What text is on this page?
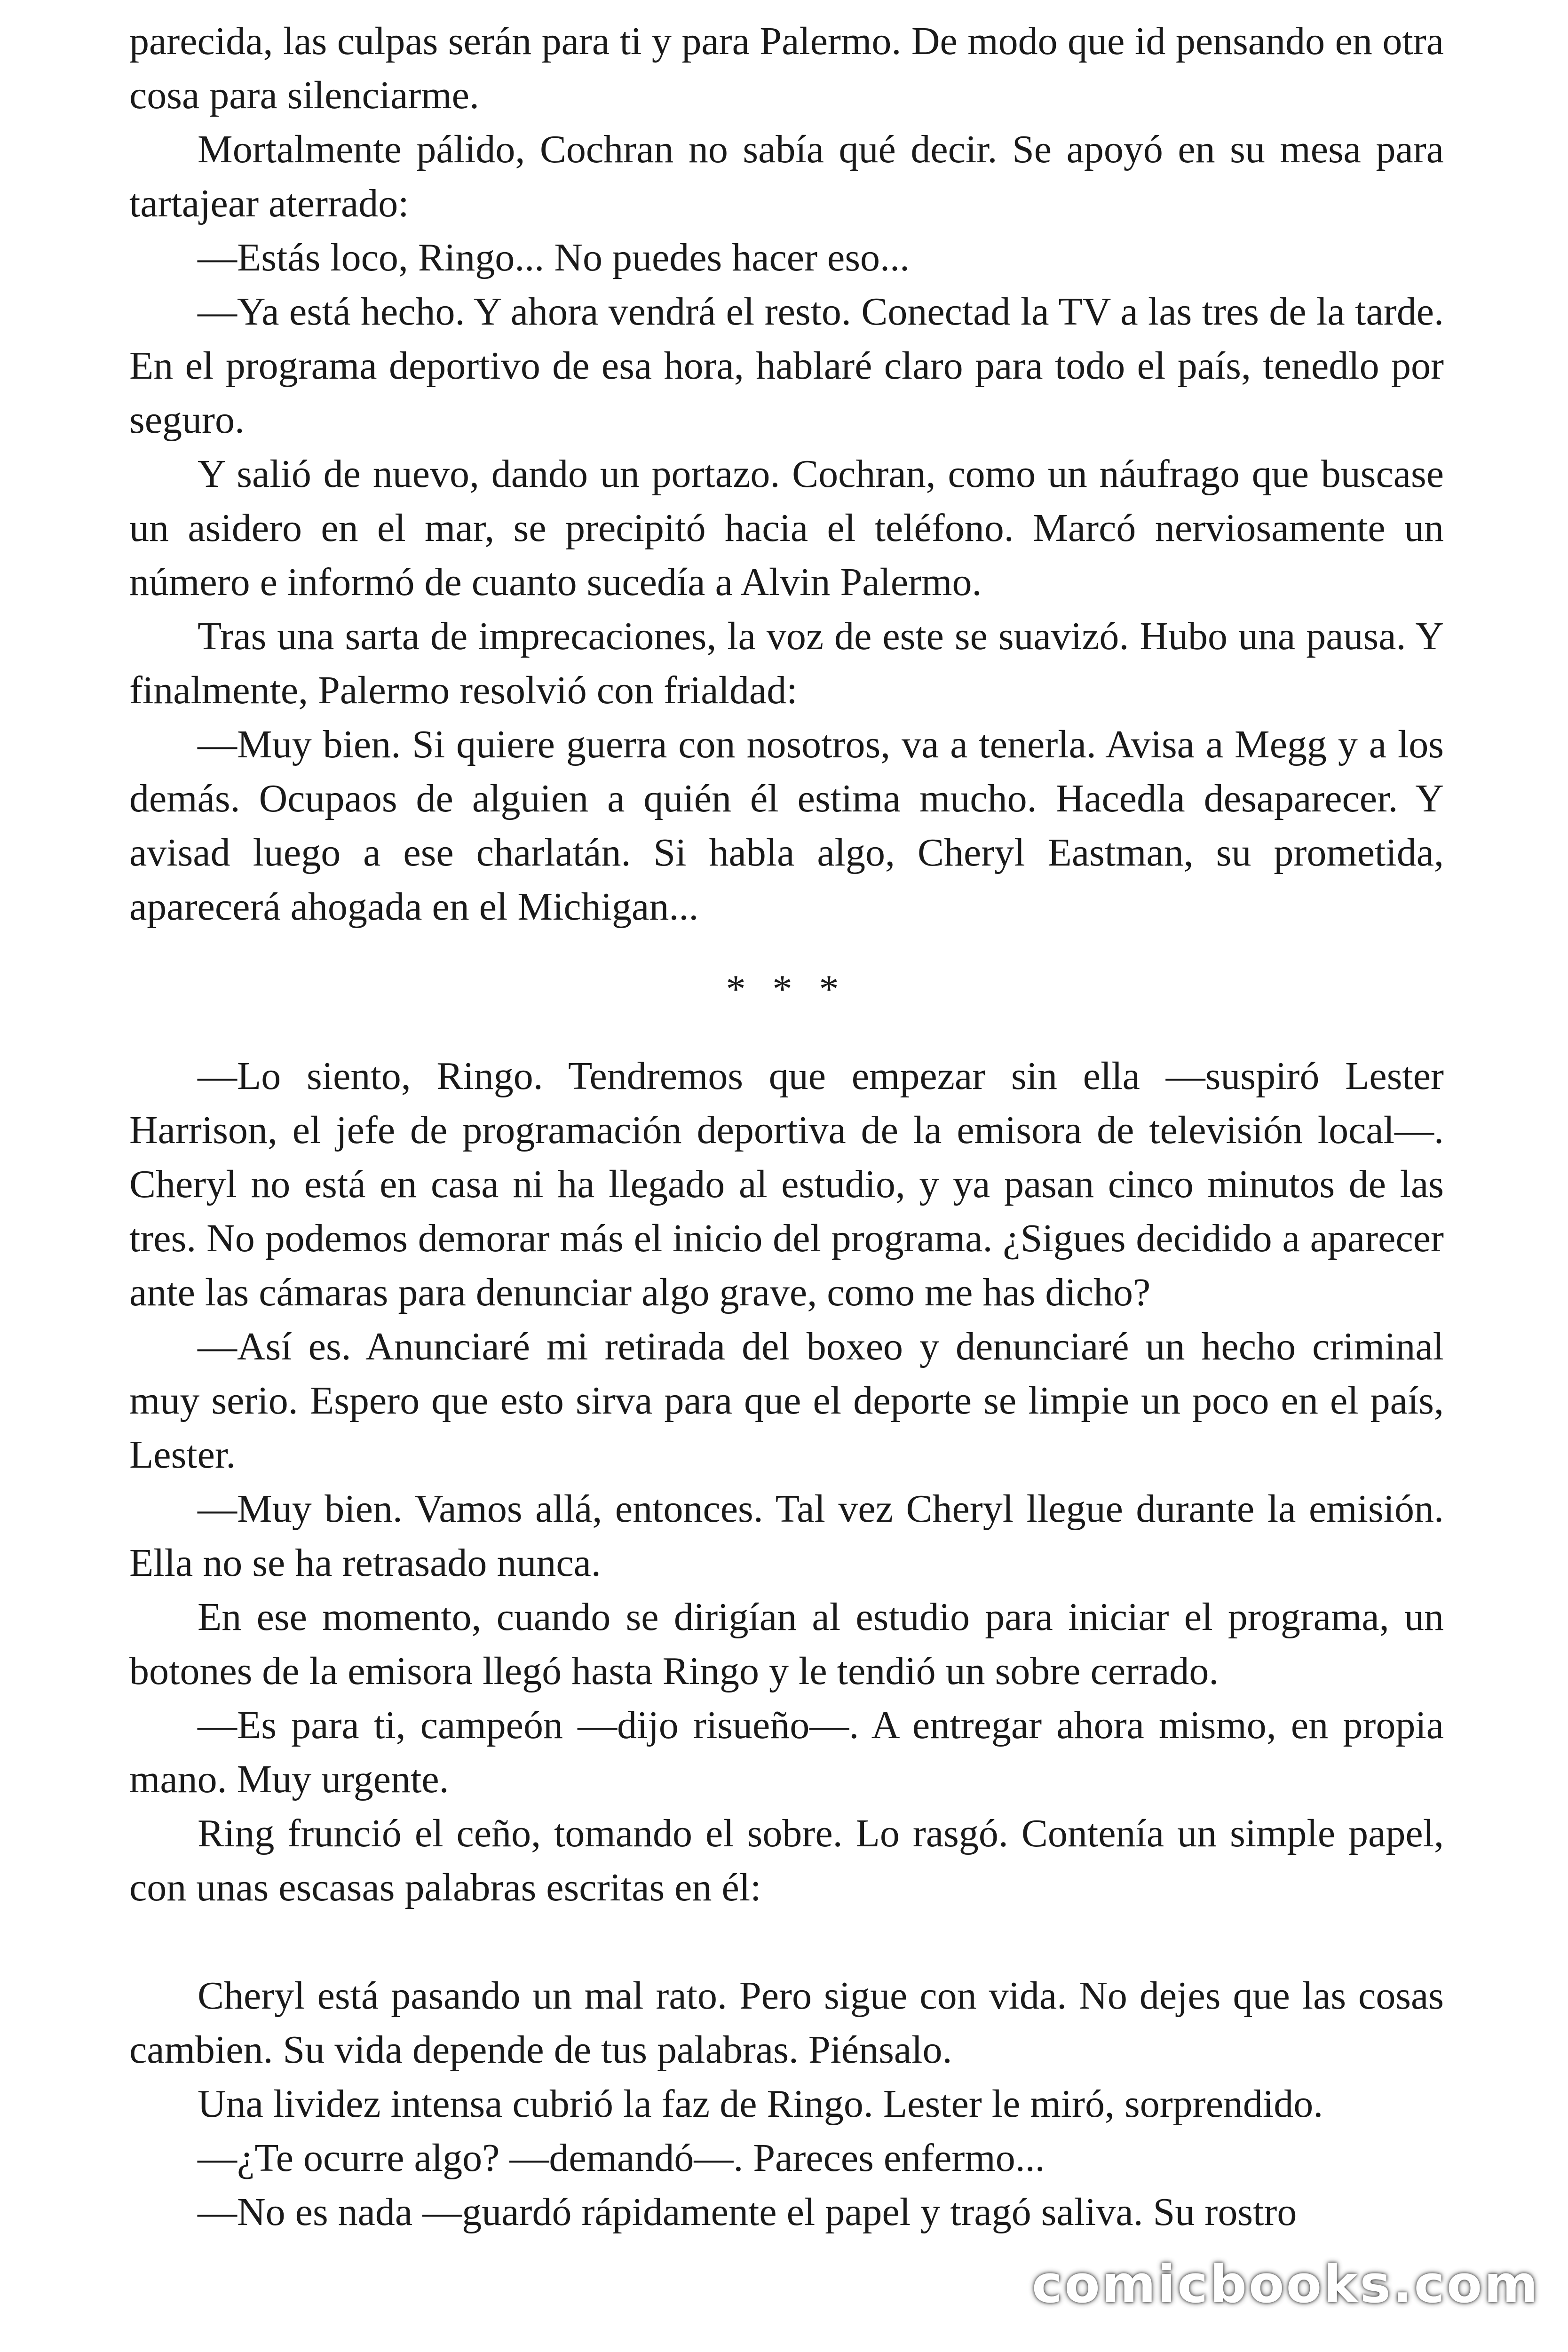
parecida, las culpas serán para ti y para Palermo. De modo que id pensando en otra cosa para silenciarme.

Mortalmente pálido, Cochran no sabía qué decir. Se apoyó en su mesa para tartajear aterrado:

—Estás loco, Ringo... No puedes hacer eso...

—Ya está hecho. Y ahora vendrá el resto. Conectad la TV a las tres de la tarde. En el programa deportivo de esa hora, hablaré claro para todo el país, tenedlo por seguro.

Y salió de nuevo, dando un portazo. Cochran, como un náufrago que buscase un asidero en el mar, se precipitó hacia el teléfono. Marcó nerviosamente un número e informó de cuanto sucedía a Alvin Palermo.

Tras una sarta de imprecaciones, la voz de este se suavizó. Hubo una pausa. Y finalmente, Palermo resolvió con frialdad:

—Muy bien. Si quiere guerra con nosotros, va a tenerla. Avisa a Megg y a los demás. Ocupaos de alguien a quién él estima mucho. Hacedla desaparecer. Y avisad luego a ese charlatán. Si habla algo, Cheryl Eastman, su prometida, aparecerá ahogada en el Michigan...

* * *

—Lo siento, Ringo. Tendremos que empezar sin ella —suspiró Lester Harrison, el jefe de programación deportiva de la emisora de televisión local—. Cheryl no está en casa ni ha llegado al estudio, y ya pasan cinco minutos de las tres. No podemos demorar más el inicio del programa. ¿Sigues decidido a aparecer ante las cámaras para denunciar algo grave, como me has dicho?

—Así es. Anunciaré mi retirada del boxeo y denunciaré un hecho criminal muy serio. Espero que esto sirva para que el deporte se limpie un poco en el país, Lester.

—Muy bien. Vamos allá, entonces. Tal vez Cheryl llegue durante la emisión. Ella no se ha retrasado nunca.

En ese momento, cuando se dirigían al estudio para iniciar el programa, un botones de la emisora llegó hasta Ringo y le tendió un sobre cerrado.

—Es para ti, campeón —dijo risueño—. A entregar ahora mismo, en propia mano. Muy urgente.

Ring frunció el ceño, tomando el sobre. Lo rasgó. Contenía un simple papel, con unas escasas palabras escritas en él:

Cheryl está pasando un mal rato. Pero sigue con vida. No dejes que las cosas cambien. Su vida depende de tus palabras. Piénsalo.

Una lividez intensa cubrió la faz de Ringo. Lester le miró, sorprendido.

—¿Te ocurre algo? —demandó—. Pareces enfermo...

—No es nada —guardó rápidamente el papel y tragó saliva. Su rostro

comicbooks.com
